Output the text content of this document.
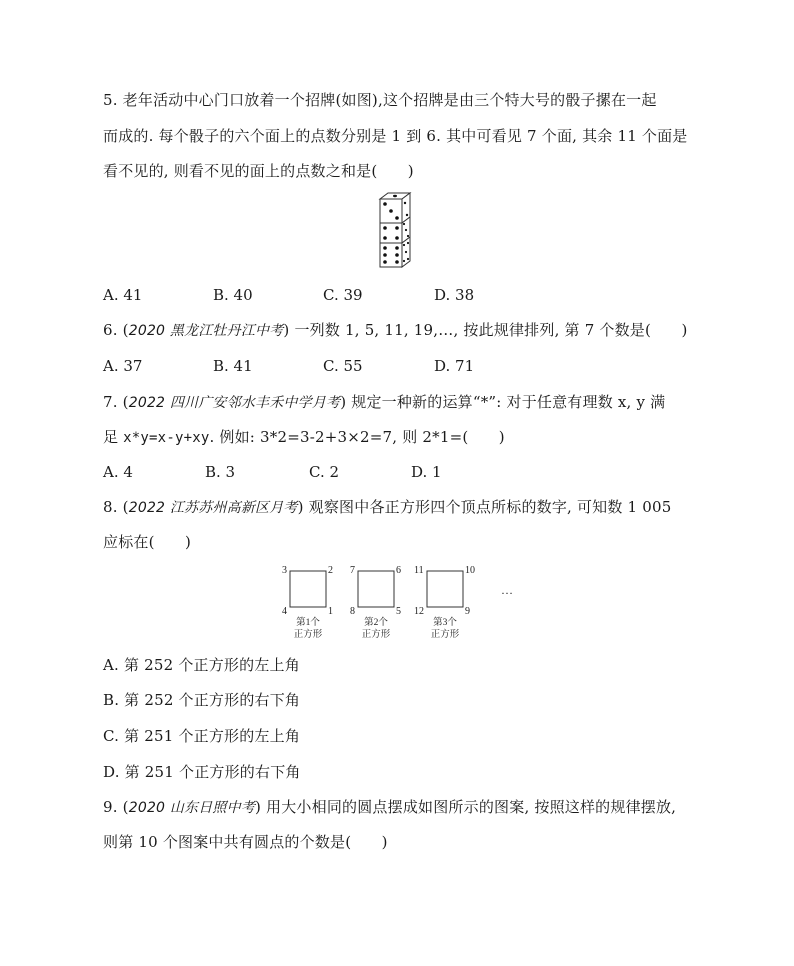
5. 老年活动中心门口放着一个招牌(如图),这个招牌是由三个特大号的骰子摞在一起
而成的. 每个骰子的六个面上的点数分别是 1 到 6. 其中可看见 7 个面, 其余 11 个面是
看不见的, 则看不见的面上的点数之和是(　　)
A. 41	B. 40	C. 39	D. 38
6. (2020 黑龙江牡丹江中考) 一列数 1, 5, 11, 19,…, 按此规律排列, 第 7 个数是(　　)
A. 37	B. 41	C. 55	D. 71
7. (2022 四川广安邻水丰禾中学月考) 规定一种新的运算“*”: 对于任意有理数 x, y 满
足 x*y=x-y+xy. 例如: 3*2=3-2+3×2=7, 则 2*1=(　　)
A. 4	B. 3	C. 2	D. 1
8. (2022 江苏苏州高新区月考) 观察图中各正方形四个顶点所标的数字, 可知数 1 005
应标在(　　)
3	2
4	1
7	6
8	5
11	10
12	9
第1个
正方形
第2个
正方形
第3个
正方形
…
A. 第 252 个正方形的左上角
B. 第 252 个正方形的右下角
C. 第 251 个正方形的左上角
D. 第 251 个正方形的右下角
9. (2020 山东日照中考) 用大小相同的圆点摆成如图所示的图案, 按照这样的规律摆放,
则第 10 个图案中共有圆点的个数是(　　)
